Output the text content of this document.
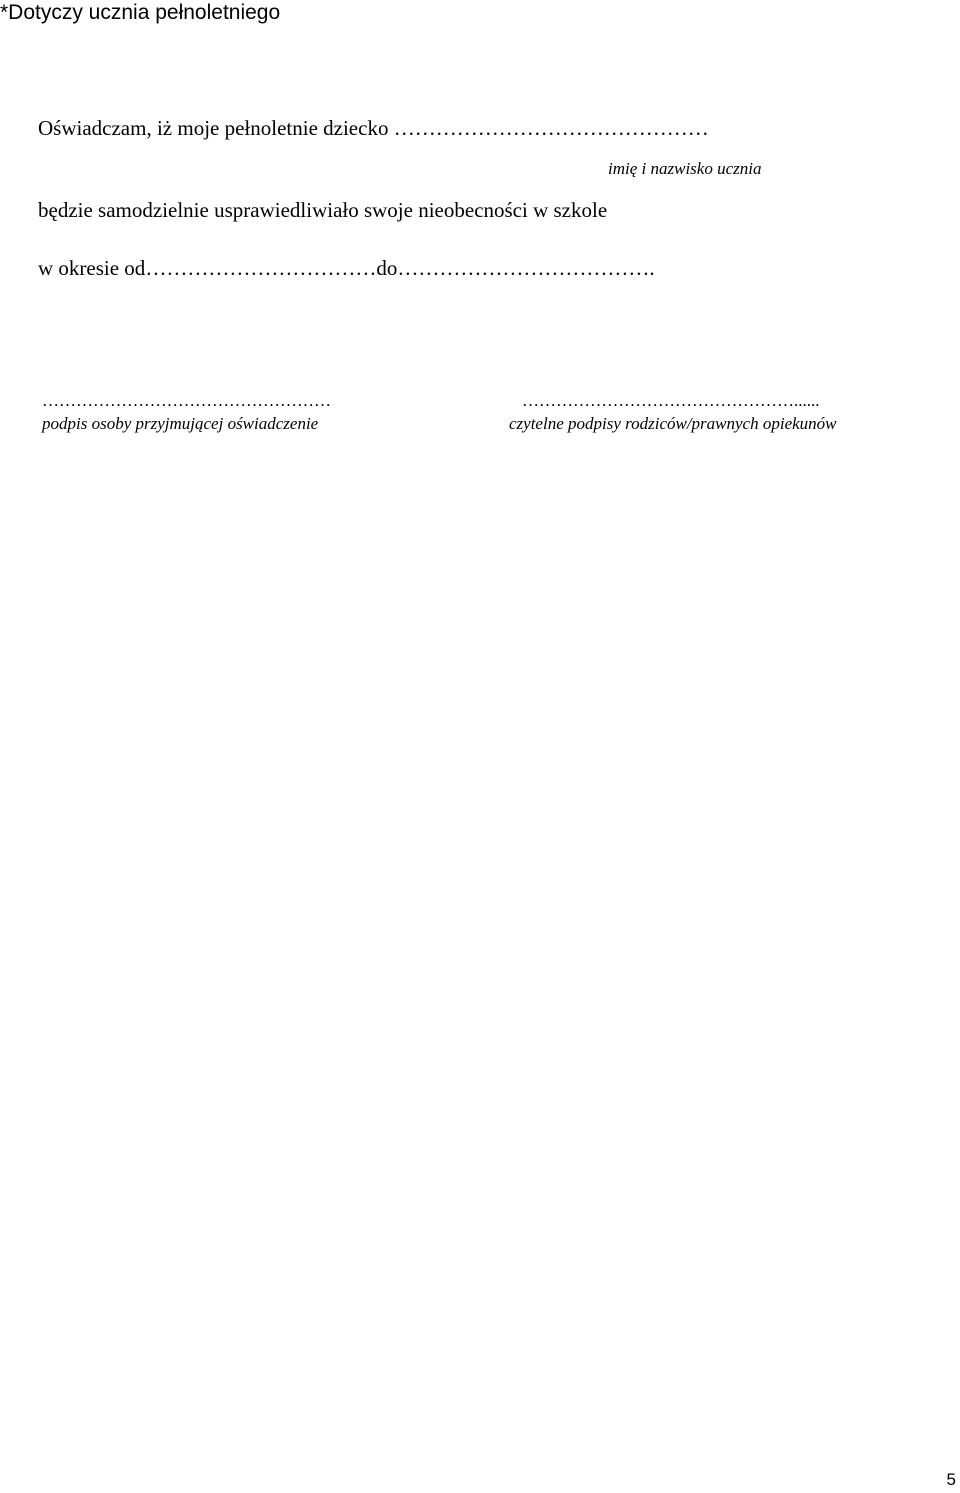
*Dotyczy ucznia pełnoletniego
Oświadczam, iż moje pełnoletnie dziecko ………………………………………
imię i nazwisko ucznia
będzie samodzielnie usprawiedliwiało swoje nieobecności w szkole
w okresie od……………………………do……………………………….
……………………………………………
podpis osoby przyjmującej oświadczenie
…………………………………………......
czytelne podpisy rodziców/prawnych opiekunów
5
